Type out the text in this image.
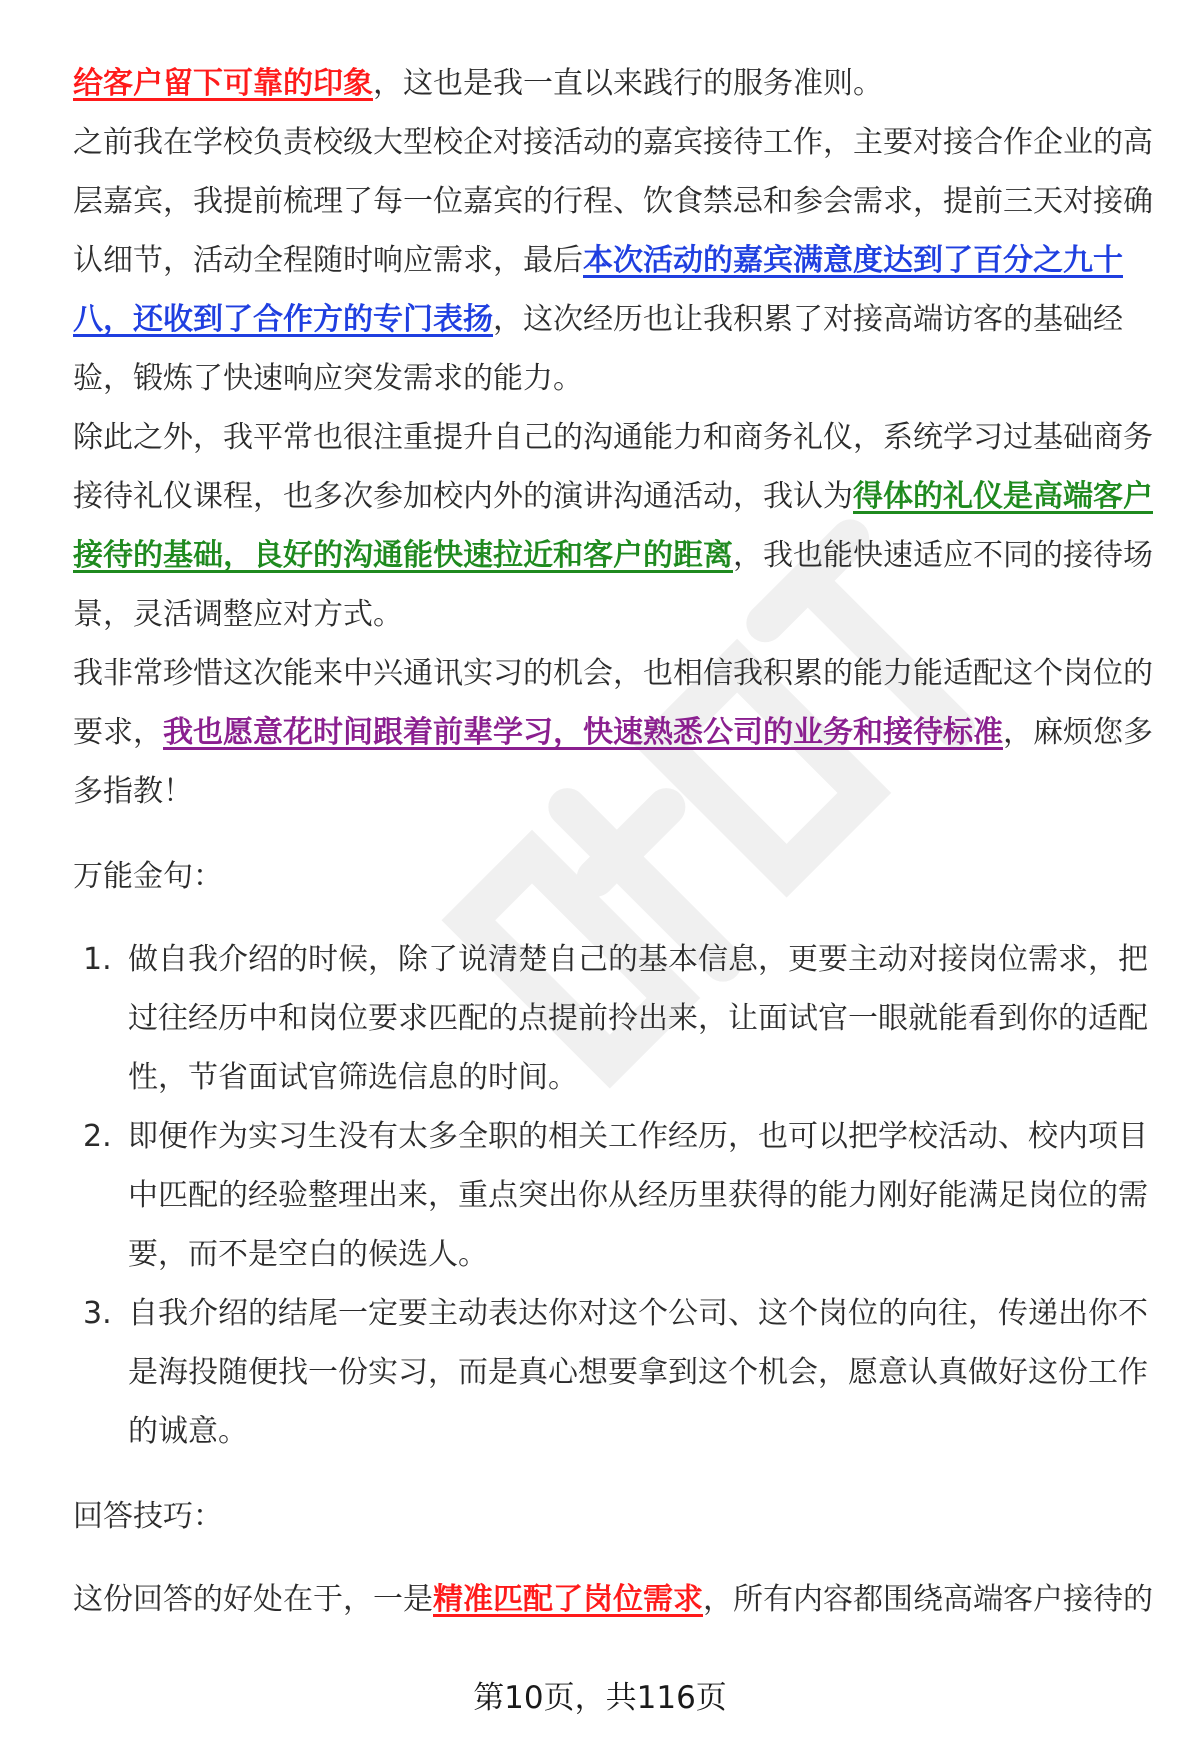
给客户留下可靠的印象，这也是我一直以来践行的服务准则。

之前我在学校负责校级大型校企对接活动的嘉宾接待工作，主要对接合作企业的高层嘉宾，我提前梳理了每一位嘉宾的行程、饮食禁忌和参会需求，提前三天对接确认细节，活动全程随时响应需求，最后本次活动的嘉宾满意度达到了百分之九十八，还收到了合作方的专门表扬，这次经历也让我积累了对接高端访客的基础经验，锻炼了快速响应突发需求的能力。

除此之外，我平常也很注重提升自己的沟通能力和商务礼仪，系统学习过基础商务接待礼仪课程，也多次参加校内外的演讲沟通活动，我认为得体的礼仪是高端客户接待的基础，良好的沟通能快速拉近和客户的距离，我也能快速适应不同的接待场景，灵活调整应对方式。

我非常珍惜这次能来中兴通讯实习的机会，也相信我积累的能力能适配这个岗位的要求，我也愿意花时间跟着前辈学习，快速熟悉公司的业务和接待标准，麻烦您多多指教！

万能金句：

1. 做自我介绍的时候，除了说清楚自己的基本信息，更要主动对接岗位需求，把过往经历中和岗位要求匹配的点提前拎出来，让面试官一眼就能看到你的适配性，节省面试官筛选信息的时间。
2. 即便作为实习生没有太多全职的相关工作经历，也可以把学校活动、校内项目中匹配的经验整理出来，重点突出你从经历里获得的能力刚好能满足岗位的需要，而不是空白的候选人。
3. 自我介绍的结尾一定要主动表达你对这个公司、这个岗位的向往，传递出你不是海投随便找一份实习，而是真心想要拿到这个机会，愿意认真做好这份工作的诚意。

回答技巧：

这份回答的好处在于，一是精准匹配了岗位需求，所有内容都围绕高端客户接待的

第10页，共116页
